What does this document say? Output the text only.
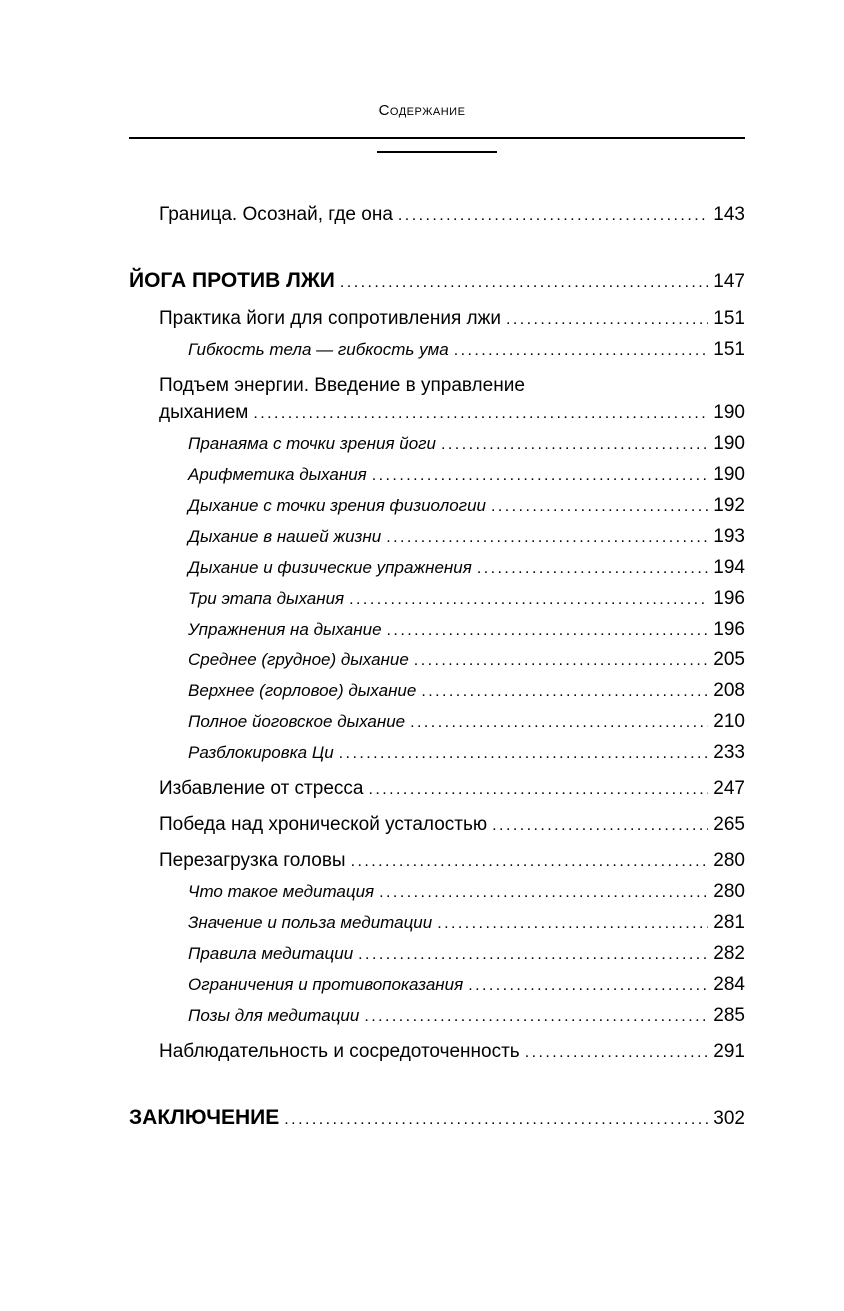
Содержание
Граница. Осознай, где она . . .	143
ЙОГА ПРОТИВ ЛЖИ . . .	147
Практика йоги для сопротивления лжи . . .	151
Гибкость тела — гибкость ума . . .	151
Подъем энергии. Введение в управление
дыханием . . .	190
Пранаяма с точки зрения йоги . . .	190
Арифметика дыхания . . .	190
Дыхание с точки зрения физиологии . . .	192
Дыхание в нашей жизни . . .	193
Дыхание и физические упражнения . . .	194
Три этапа дыхания . . .	196
Упражнения на дыхание . . .	196
Среднее (грудное) дыхание . . .	205
Верхнее (горловое) дыхание . . .	208
Полное йоговское дыхание . . .	210
Разблокировка Ци . . .	233
Избавление от стресса . . .	247
Победа над хронической усталостью . . .	265
Перезагрузка головы . . .	280
Что такое медитация . . .	280
Значение и польза медитации . . .	281
Правила медитации . . .	282
Ограничения и противопоказания . . .	284
Позы для медитации . . .	285
Наблюдательность и сосредоточенность . . .	291
ЗАКЛЮЧЕНИЕ . . .	302
